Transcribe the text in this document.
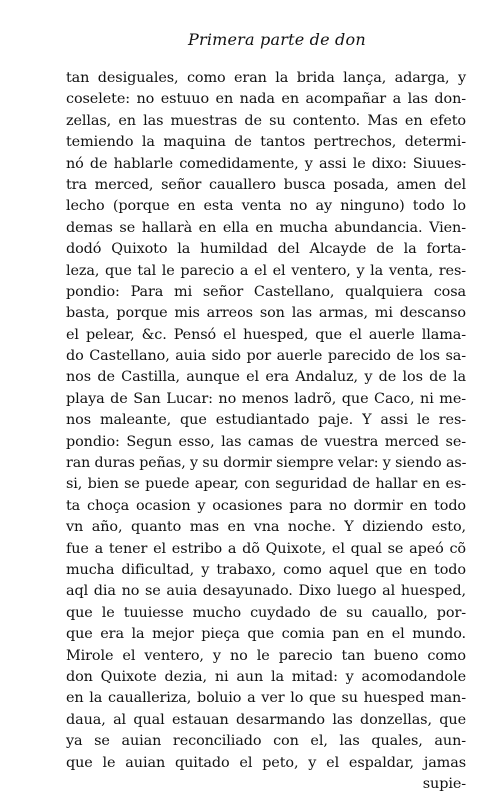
Primera parte de don
tan desiguales, como eran la brida lança, adarga, y
coselete: no estuuo en nada en acompañar a las don-
zellas, en las muestras de su contento. Mas en efeto
temiendo la maquina de tantos pertrechos, determi-
nó de hablarle comedidamente, y assi le dixo: Siuues-
tra merced, señor cauallero busca posada, amen del
lecho (porque en esta venta no ay ninguno) todo lo
demas se hallarà en ella en mucha abundancia. Vien-
dodó Quixoto la humildad del Alcayde de la forta-
leza, que tal le parecio a el el ventero, y la venta, res-
pondio: Para mi señor Castellano, qualquiera cosa
basta, porque mis arreos son las armas, mi descanso
el pelear, &c. Pensó el huesped, que el auerle llama-
do Castellano, auia sido por auerle parecido de los sa-
nos de Castilla, aunque el era Andaluz, y de los de la
playa de San Lucar: no menos ladrõ, que Caco, ni me-
nos maleante, que estudiantado paje. Y assi le res-
pondio: Segun esso, las camas de vuestra merced se-
ran duras peñas, y su dormir siempre velar: y siendo as-
si, bien se puede apear, con seguridad de hallar en es-
ta choça ocasion y ocasiones para no dormir en todo
vn año, quanto mas en vna noche. Y diziendo esto,
fue a tener el estribo a dõ Quixote, el qual se apeó cõ
mucha dificultad, y trabaxo, como aquel que en todo
aql dia no se auia desayunado. Dixo luego al huesped,
que le tuuiesse mucho cuydado de su cauallo, por-
que era la mejor pieça que comia pan en el mundo.
Mirole el ventero, y no le parecio tan bueno como
don Quixote dezia, ni aun la mitad: y acomodandole
en la caualleriza, boluio a ver lo que su huesped man-
daua, al qual estauan desarmando las donzellas, que
ya se auian reconciliado con el, las quales, aun-
que le auian quitado el peto, y el espaldar, jamas
supie-
